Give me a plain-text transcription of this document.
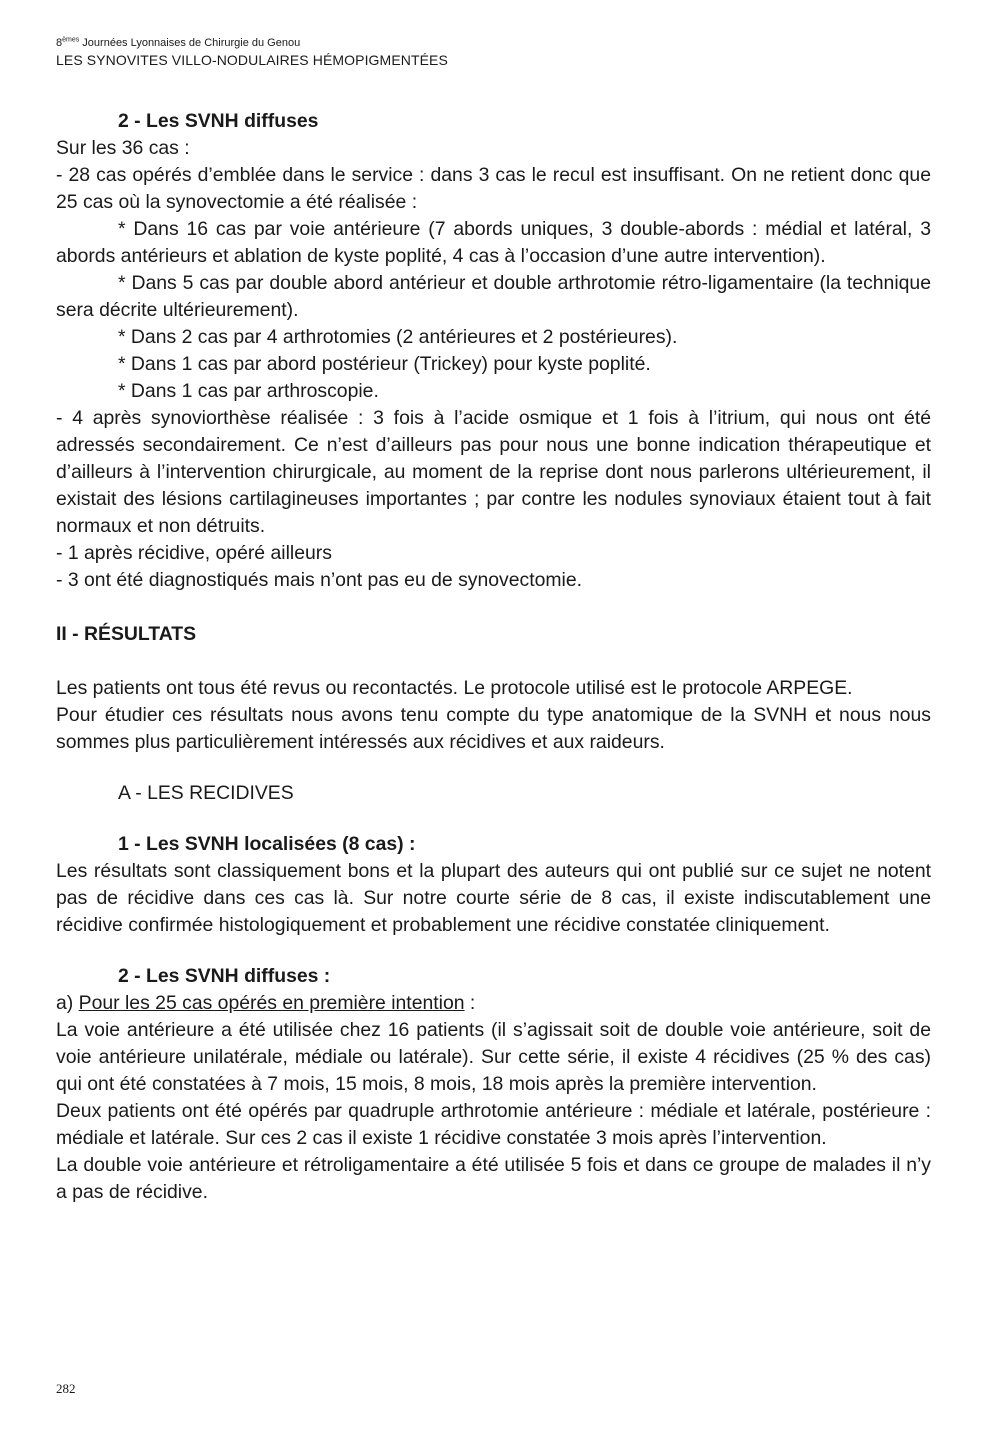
8èmes Journées Lyonnaises de Chirurgie du Genou
LES SYNOVITES VILLO-NODULAIRES HÉMOPIGMENTÉES

2 - Les SVNH diffuses

Sur les 36 cas :

- 28 cas opérés d’emblée dans le service : dans 3 cas le recul est insuffisant. On ne retient donc que 25 cas où la synovectomie a été réalisée :

* Dans 16 cas par voie antérieure (7 abords uniques, 3 double-abords : médial et latéral, 3 abords antérieurs et ablation de kyste poplité, 4 cas à l’occasion d’une autre intervention).

* Dans 5 cas par double abord antérieur et double arthrotomie rétro-ligamentaire (la technique sera décrite ultérieurement).

* Dans 2 cas par 4 arthrotomies (2 antérieures et 2 postérieures).

* Dans 1 cas par abord postérieur (Trickey) pour kyste poplité.

* Dans 1 cas par arthroscopie.

- 4 après synoviorthèse réalisée : 3 fois à l’acide osmique et 1 fois à l’itrium, qui nous ont été adressés secondairement. Ce n’est d’ailleurs pas pour nous une bonne indication thérapeutique et d’ailleurs à l’intervention chirurgicale, au moment de la reprise dont nous parlerons ultérieurement, il existait des lésions cartilagineuses importantes ; par contre les nodules synoviaux étaient tout à fait normaux et non détruits.

- 1 après récidive, opéré ailleurs

- 3 ont été diagnostiqués mais n’ont pas eu de synovectomie.

II - RÉSULTATS

Les patients ont tous été revus ou recontactés. Le protocole utilisé est le protocole ARPEGE.

Pour étudier ces résultats nous avons tenu compte du type anatomique de la SVNH et nous nous sommes plus particulièrement intéressés aux récidives et aux raideurs.

A - LES RECIDIVES

1 - Les SVNH localisées (8 cas) :

Les résultats sont classiquement bons et la plupart des auteurs qui ont publié sur ce sujet ne notent pas de récidive dans ces cas là. Sur notre courte série de 8 cas, il existe indiscutablement une récidive confirmée histologiquement et probablement une récidive constatée cliniquement.

2 - Les SVNH diffuses :

a) Pour les 25 cas opérés en première intention :

La voie antérieure a été utilisée chez 16 patients (il s’agissait soit de double voie antérieure, soit de voie antérieure unilatérale, médiale ou latérale). Sur cette série, il existe 4 récidives (25 % des cas) qui ont été constatées à 7 mois, 15 mois, 8 mois, 18 mois après la première intervention.

Deux patients ont été opérés par quadruple arthrotomie antérieure : médiale et latérale, postérieure : médiale et latérale. Sur ces 2 cas il existe 1 récidive constatée 3 mois après l’intervention.

La double voie antérieure et rétroligamentaire a été utilisée 5 fois et dans ce groupe de malades il n’y a pas de récidive.

282
